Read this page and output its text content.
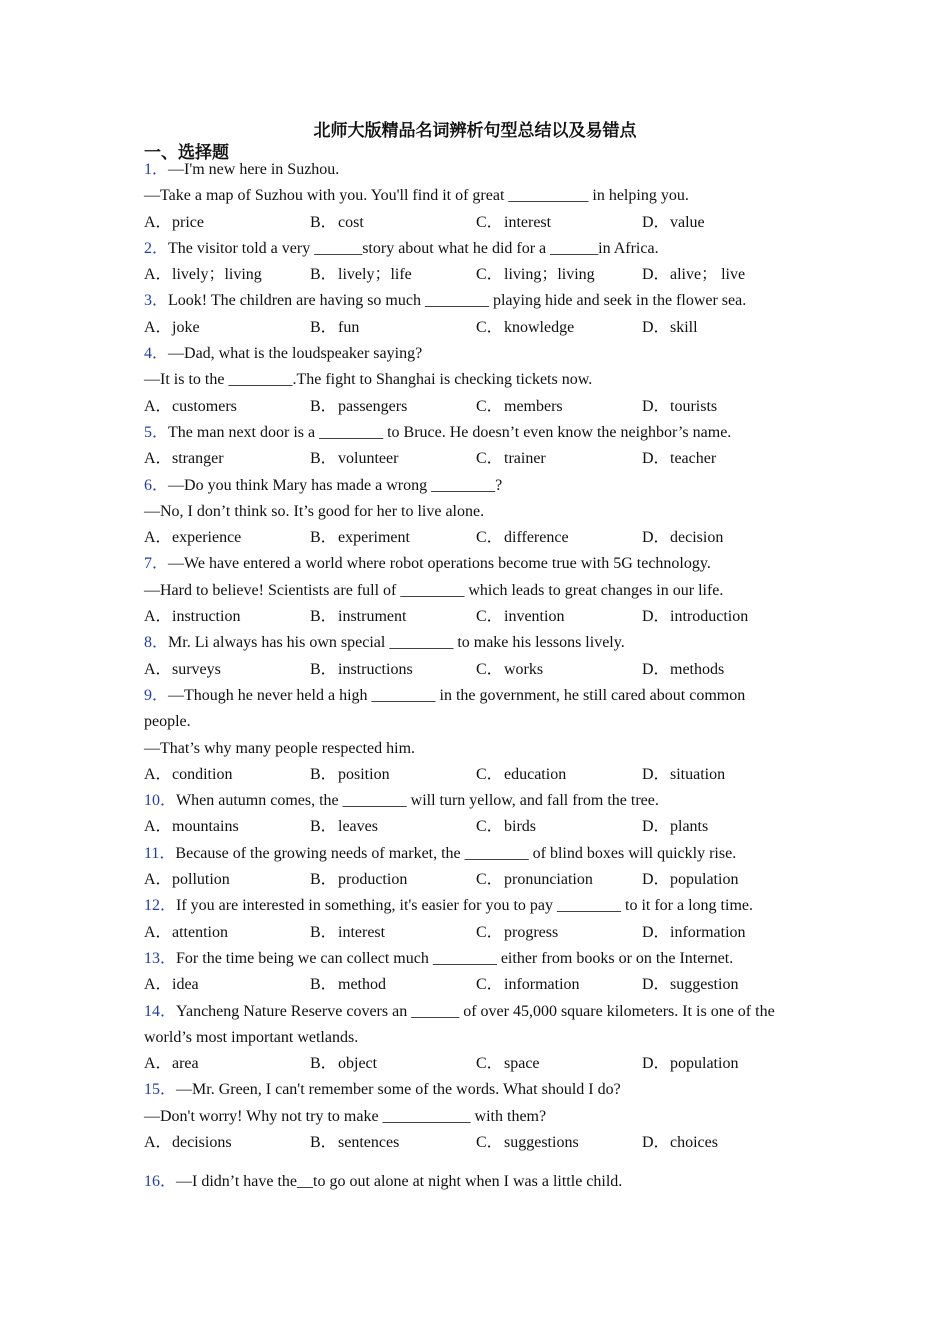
北师大版精品名词辨析句型总结以及易错点
一、选择题
1．—I'm new here in Suzhou.
—Take a map of Suzhou with you. You'll find it of great __________ in helping you.
A．price	B．cost	C．interest	D．value
2．The visitor told a very ______story about what he did for a ______in Africa.
A．lively；living	B．lively；life	C．living；living	D．alive； live
3．Look! The children are having so much ________ playing hide and seek in the flower sea.
A．joke	B．fun	C．knowledge	D．skill
4．—Dad, what is the loudspeaker saying?
—It is to the ________.The fight to Shanghai is checking tickets now.
A．customers	B．passengers	C．members	D．tourists
5．The man next door is a ________ to Bruce. He doesn’t even know the neighbor’s name.
A．stranger	B．volunteer	C．trainer	D．teacher
6．—Do you think Mary has made a wrong ________?
—No, I don’t think so. It’s good for her to live alone.
A．experience	B．experiment	C．difference	D．decision
7．—We have entered a world where robot operations become true with 5G technology.
—Hard to believe! Scientists are full of ________ which leads to great changes in our life.
A．instruction	B．instrument	C．invention	D．introduction
8．Mr. Li always has his own special ________ to make his lessons lively.
A．surveys	B．instructions	C．works	D．methods
9．—Though he never held a high ________ in the government, he still cared about common
people.
—That’s why many people respected him.
A．condition	B．position	C．education	D．situation
10．When autumn comes, the ________ will turn yellow, and fall from the tree.
A．mountains	B．leaves	C．birds	D．plants
11．Because of the growing needs of market, the ________ of blind boxes will quickly rise.
A．pollution	B．production	C．pronunciation	D．population
12．If you are interested in something, it's easier for you to pay ________ to it for a long time.
A．attention	B．interest	C．progress	D．information
13．For the time being we can collect much ________ either from books or on the Internet.
A．idea	B．method	C．information	D．suggestion
14．Yancheng Nature Reserve covers an ______ of over 45,000 square kilometers. It is one of the
world’s most important wetlands.
A．area	B．object	C．space	D．population
15．—Mr. Green, I can't remember some of the words. What should I do?
—Don't worry! Why not try to make ___________ with them?
A．decisions	B．sentences	C．suggestions	D．choices
16．—I didn’t have the__to go out alone at night when I was a little child.
